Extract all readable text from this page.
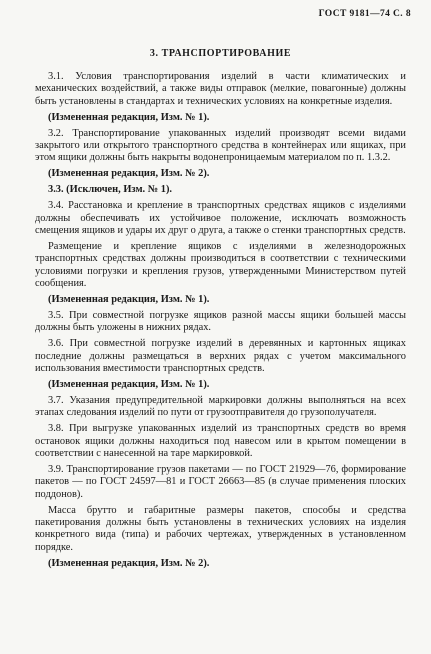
ГОСТ 9181—74 С. 8
3. ТРАНСПОРТИРОВАНИЕ

3.1. Условия транспортирования изделий в части климатических и механических воздействий, а также виды отправок (мелкие, повагонные) должны быть установлены в стандартах и технических условиях на конкретные изделия.

(Измененная редакция, Изм. № 1).

3.2. Транспортирование упакованных изделий производят всеми видами закрытого или открытого транспортного средства в контейнерах или ящиках, при этом ящики должны быть накрыты водонепроницаемым материалом по п. 1.3.2.

(Измененная редакция, Изм. № 2).

3.3. (Исключен, Изм. № 1).

3.4. Расстановка и крепление в транспортных средствах ящиков с изделиями должны обеспечивать их устойчивое положение, исключать возможность смещения ящиков и удары их друг о друга, а также о стенки транспортных средств.

Размещение и крепление ящиков с изделиями в железнодорожных транспортных средствах должны производиться в соответствии с техническими условиями погрузки и крепления грузов, утвержденными Министерством путей сообщения.

(Измененная редакция, Изм. № 1).

3.5. При совместной погрузке ящиков разной массы ящики большей массы должны быть уложены в нижних рядах.

3.6. При совместной погрузке изделий в деревянных и картонных ящиках последние должны размещаться в верхних рядах с учетом максимального использования вместимости транспортных средств.

(Измененная редакция, Изм. № 1).

3.7. Указания предупредительной маркировки должны выполняться на всех этапах следования изделий по пути от грузоотправителя до грузополучателя.

3.8. При выгрузке упакованных изделий из транспортных средств во время остановок ящики должны находиться под навесом или в крытом помещении в соответствии с нанесенной на таре маркировкой.

3.9. Транспортирование грузов пакетами — по ГОСТ 21929—76, формирование пакетов — по ГОСТ 24597—81 и ГОСТ 26663—85 (в случае применения плоских поддонов).

Масса брутто и габаритные размеры пакетов, способы и средства пакетирования должны быть установлены в технических условиях на изделия конкретного вида (типа) и рабочих чертежах, утвержденных в установленном порядке.

(Измененная редакция, Изм. № 2).
